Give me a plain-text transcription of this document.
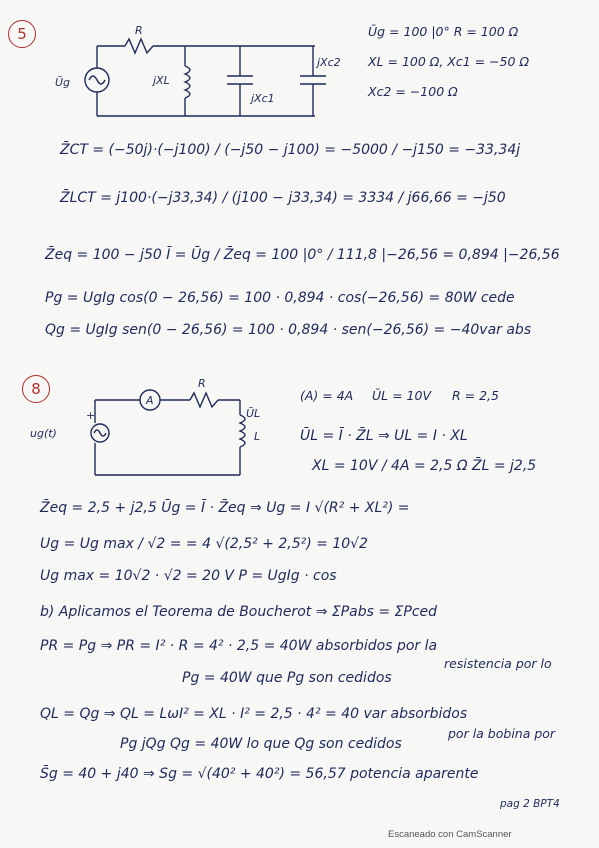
5	R
Ūg	jXL
jXc1
jXc2
Ūg = 100 |0° R = 100 Ω
XL = 100 Ω, Xc1 = −50 Ω
Xc2 = −100 Ω
Z̄CT = (−50j)·(−j100) / (−j50 − j100) = −5000 / −j150 = −33,34j
Z̄LCT = j100·(−j33,34) / (j100 − j33,34) = 3334 / j66,66 = −j50
Z̄eq = 100 − j50 Ī = Ūg / Z̄eq = 100 |0° / 111,8 |−26,56 = 0,894 |−26,56
Pg = UgIg cos(0 − 26,56) = 100 · 0,894 · cos(−26,56) = 80W cede
Qg = UgIg sen(0 − 26,56) = 100 · 0,894 · sen(−26,56) = −40var abs
8
A
R
ŪL
L
ug(t)
+
(A) = 4A ŪL = 10V R = 2,5
ŪL = Ī · Z̄L ⇒ UL = I · XL
XL = 10V / 4A = 2,5 Ω Z̄L = j2,5
Z̄eq = 2,5 + j2,5 Ūg = Ī · Z̄eq ⇒ Ug = I √(R² + XL²) =
Ug = Ug max / √2 = = 4 √(2,5² + 2,5²) = 10√2
Ug max = 10√2 · √2 = 20 V P = UgIg · cos
b) Aplicamos el Teorema de Boucherot ⇒ ΣPabs = ΣPced
PR = Pg ⇒ PR = I² · R = 4² · 2,5 = 40W absorbidos por la
resistencia por lo
Pg = 40W que Pg son cedidos
QL = Qg ⇒ QL = LωI² = XL · I² = 2,5 · 4² = 40 var absorbidos
por la bobina por
Pg jQg Qg = 40W lo que Qg son cedidos
S̄g = 40 + j40 ⇒ Sg = √(40² + 40²) = 56,57 potencia aparente
pag 2 BPT4
Escaneado con CamScanner
